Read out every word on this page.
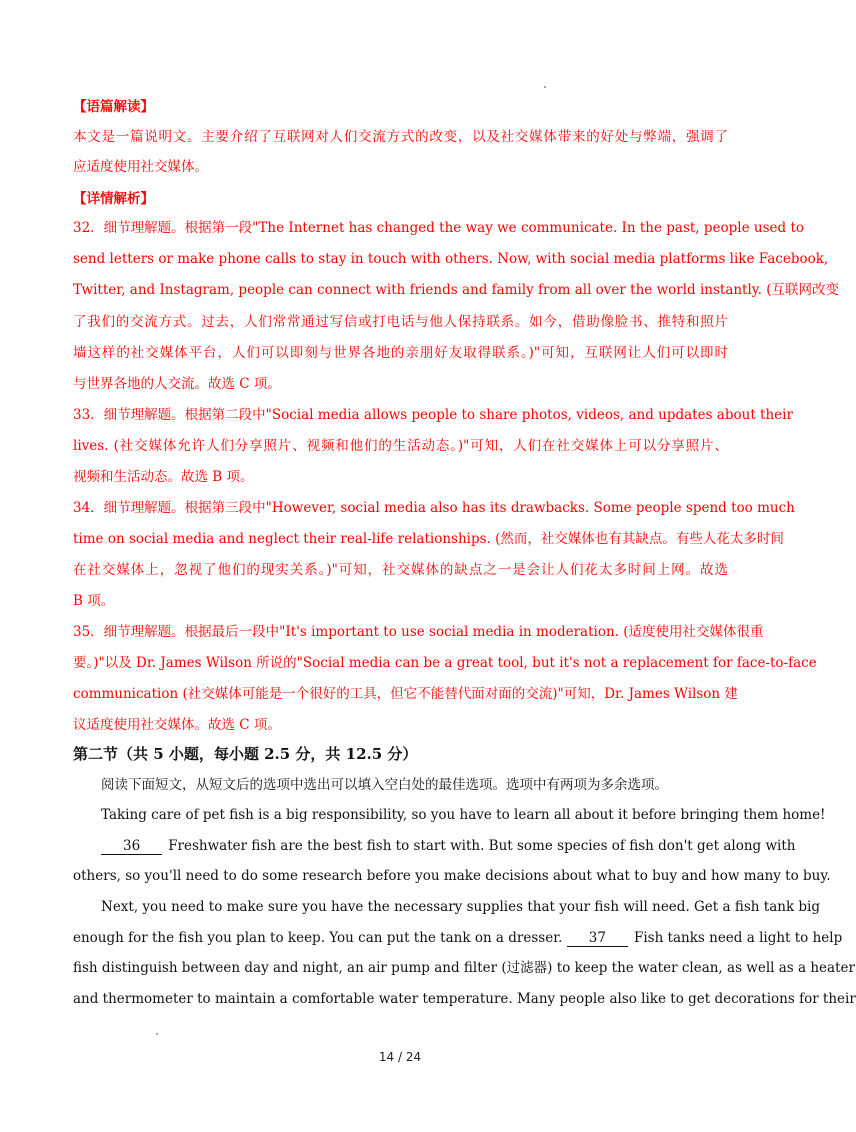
【语篇解读】
本文是一篇说明文。主要介绍了互联网对人们交流方式的改变，以及社交媒体带来的好处与弊端，强调了
应适度使用社交媒体。
【详情解析】
32．细节理解题。根据第一段"The Internet has changed the way we communicate. In the past, people used to
send letters or make phone calls to stay in touch with others. Now, with social media platforms like Facebook,
Twitter, and Instagram, people can connect with friends and family from all over the world instantly. (互联网改变
了我们的交流方式。过去，人们常常通过写信或打电话与他人保持联系。如今，借助像脸书、推特和照片
墙这样的社交媒体平台，人们可以即刻与世界各地的亲朋好友取得联系。)"可知，互联网让人们可以即时
与世界各地的人交流。故选 C 项。
33．细节理解题。根据第二段中"Social media allows people to share photos, videos, and updates about their
lives. (社交媒体允许人们分享照片、视频和他们的生活动态。)"可知，人们在社交媒体上可以分享照片、
视频和生活动态。故选 B 项。
34．细节理解题。根据第三段中"However, social media also has its drawbacks. Some people spend too much
time on social media and neglect their real-life relationships. (然而，社交媒体也有其缺点。有些人花太多时间
在社交媒体上，忽视了他们的现实关系。)"可知，社交媒体的缺点之一是会让人们花太多时间上网。故选
B 项。
35．细节理解题。根据最后一段中"It's important to use social media in moderation. (适度使用社交媒体很重
要。)"以及 Dr. James Wilson 所说的"Social media can be a great tool, but it's not a replacement for face-to-face
communication (社交媒体可能是一个很好的工具，但它不能替代面对面的交流)"可知，Dr. James Wilson 建
议适度使用社交媒体。故选 C 项。
第二节（共 5 小题，每小题 2.5 分，共 12.5 分）
阅读下面短文，从短文后的选项中选出可以填入空白处的最佳选项。选项中有两项为多余选项。
Taking care of pet fish is a big responsibility, so you have to learn all about it before bringing them home!
36 Freshwater fish are the best fish to start with. But some species of fish don't get along with
others, so you'll need to do some research before you make decisions about what to buy and how many to buy.
Next, you need to make sure you have the necessary supplies that your fish will need. Get a fish tank big
enough for the fish you plan to keep. You can put the tank on a dresser. 37 Fish tanks need a light to help
fish distinguish between day and night, an air pump and filter (过滤器) to keep the water clean, as well as a heater
and thermometer to maintain a comfortable water temperature. Many people also like to get decorations for their
14 / 24
